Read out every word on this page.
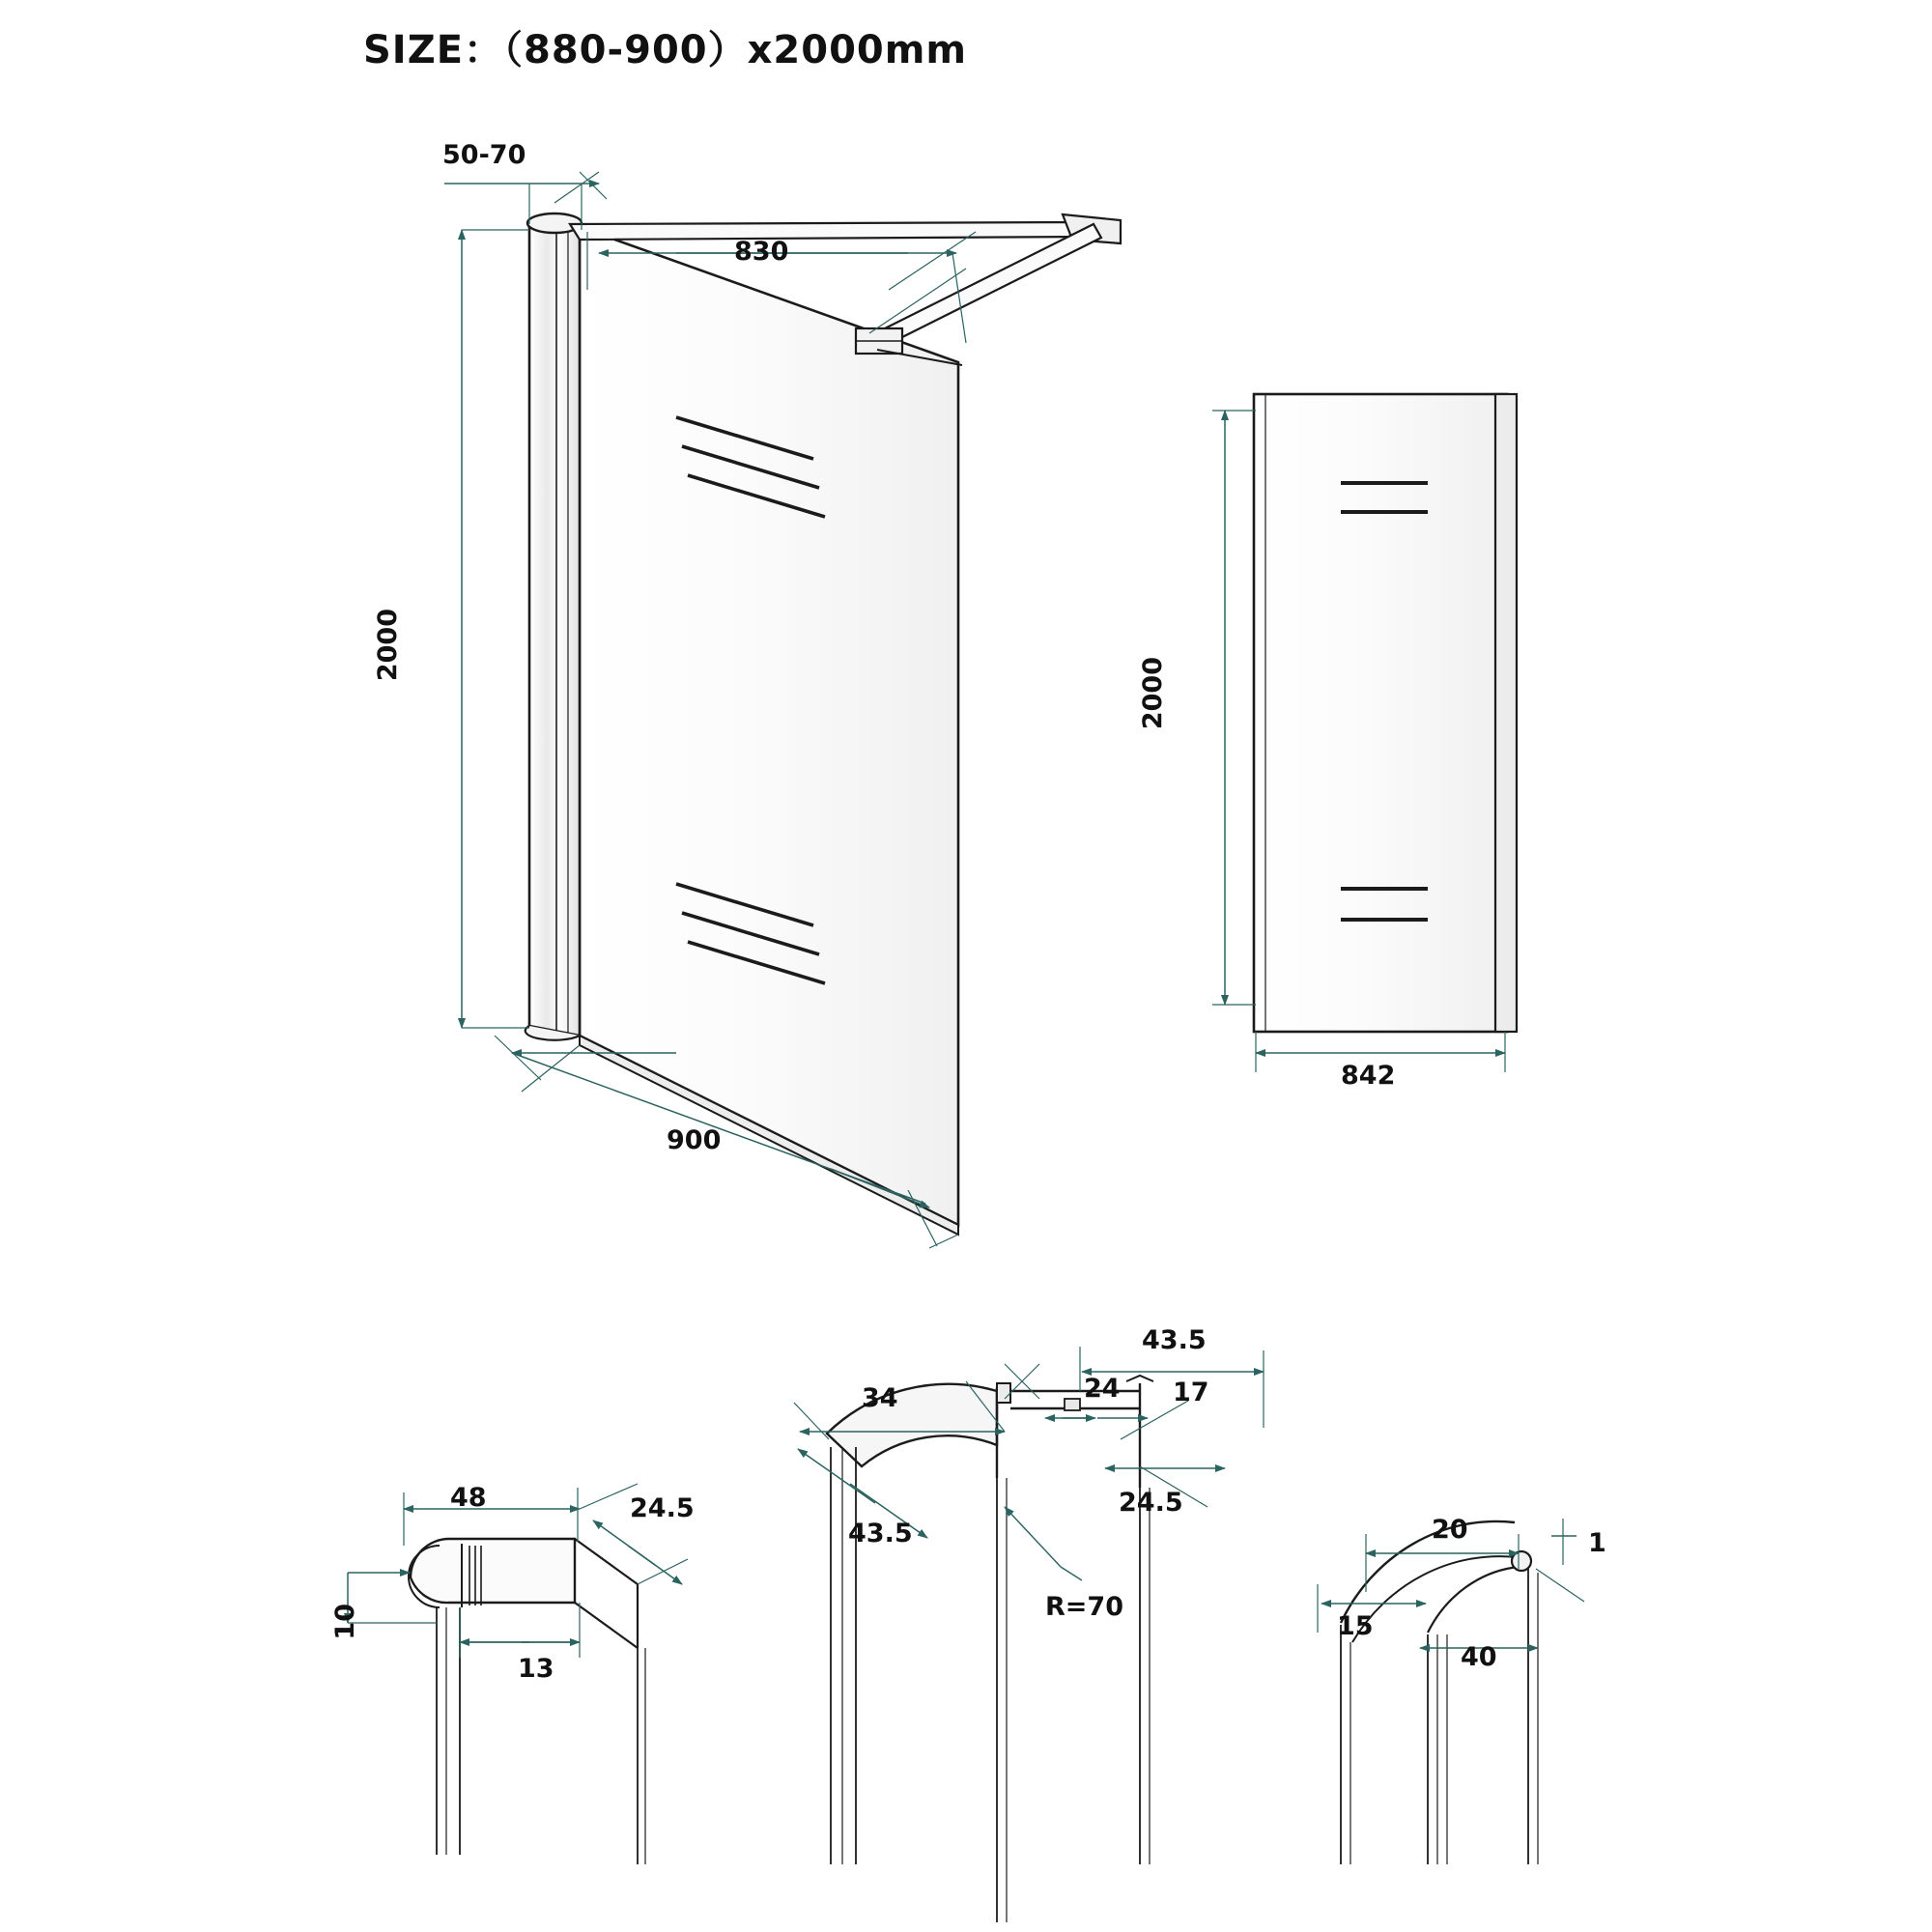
SIZE：（880-900）x2000mm
50-70
830
2000
900
2000
842
48	24.5
10
13
34
43.5
24 17
43.5
24.5
R=70
15
20	1
40
